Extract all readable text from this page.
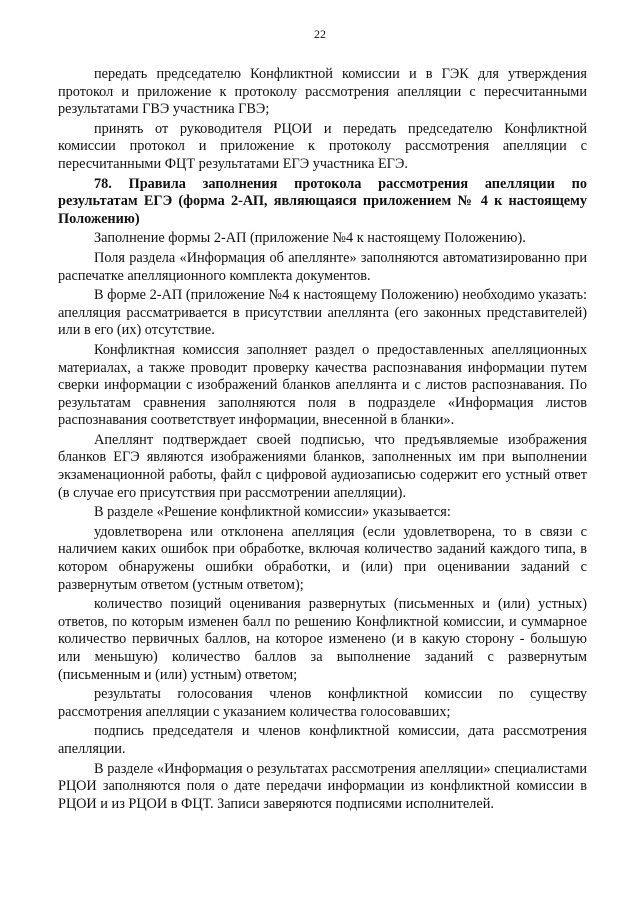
22

передать председателю Конфликтной комиссии и в ГЭК для утверждения протокол и приложение к протоколу рассмотрения апелляции с пересчитанными результатами ГВЭ участника ГВЭ;

принять от руководителя РЦОИ и передать председателю Конфликтной комиссии протокол и приложение к протоколу рассмотрения апелляции с пересчитанными ФЦТ результатами ЕГЭ участника ЕГЭ.

78. Правила заполнения протокола рассмотрения апелляции по результатам ЕГЭ (форма 2-АП, являющаяся приложением № 4 к настоящему Положению)

Заполнение формы 2-АП (приложение №4 к настоящему Положению).

Поля раздела «Информация об апеллянте» заполняются автоматизированно при распечатке апелляционного комплекта документов.

В форме 2-АП (приложение №4 к настоящему Положению) необходимо указать: апелляция рассматривается в присутствии апеллянта (его законных представителей) или в его (их) отсутствие.

Конфликтная комиссия заполняет раздел о предоставленных апелляционных материалах, а также проводит проверку качества распознавания информации путем сверки информации с изображений бланков апеллянта и с листов распознавания. По результатам сравнения заполняются поля в подразделе «Информация листов распознавания соответствует информации, внесенной в бланки».

Апеллянт подтверждает своей подписью, что предъявляемые изображения бланков ЕГЭ являются изображениями бланков, заполненных им при выполнении экзаменационной работы, файл с цифровой аудиозаписью содержит его устный ответ (в случае его присутствия при рассмотрении апелляции).

В разделе «Решение конфликтной комиссии» указывается:

удовлетворена или отклонена апелляция (если удовлетворена, то в связи с наличием каких ошибок при обработке, включая количество заданий каждого типа, в котором обнаружены ошибки обработки, и (или) при оценивании заданий с развернутым ответом (устным ответом);

количество позиций оценивания развернутых (письменных и (или) устных) ответов, по которым изменен балл по решению Конфликтной комиссии, и суммарное количество первичных баллов, на которое изменено (и в какую сторону - большую или меньшую) количество баллов за выполнение заданий с развернутым (письменным и (или) устным) ответом;

результаты голосования членов конфликтной комиссии по существу рассмотрения апелляции с указанием количества голосовавших;

подпись председателя и членов конфликтной комиссии, дата рассмотрения апелляции.

В разделе «Информация о результатах рассмотрения апелляции» специалистами РЦОИ заполняются поля о дате передачи информации из конфликтной комиссии в РЦОИ и из РЦОИ в ФЦТ. Записи заверяются подписями исполнителей.
